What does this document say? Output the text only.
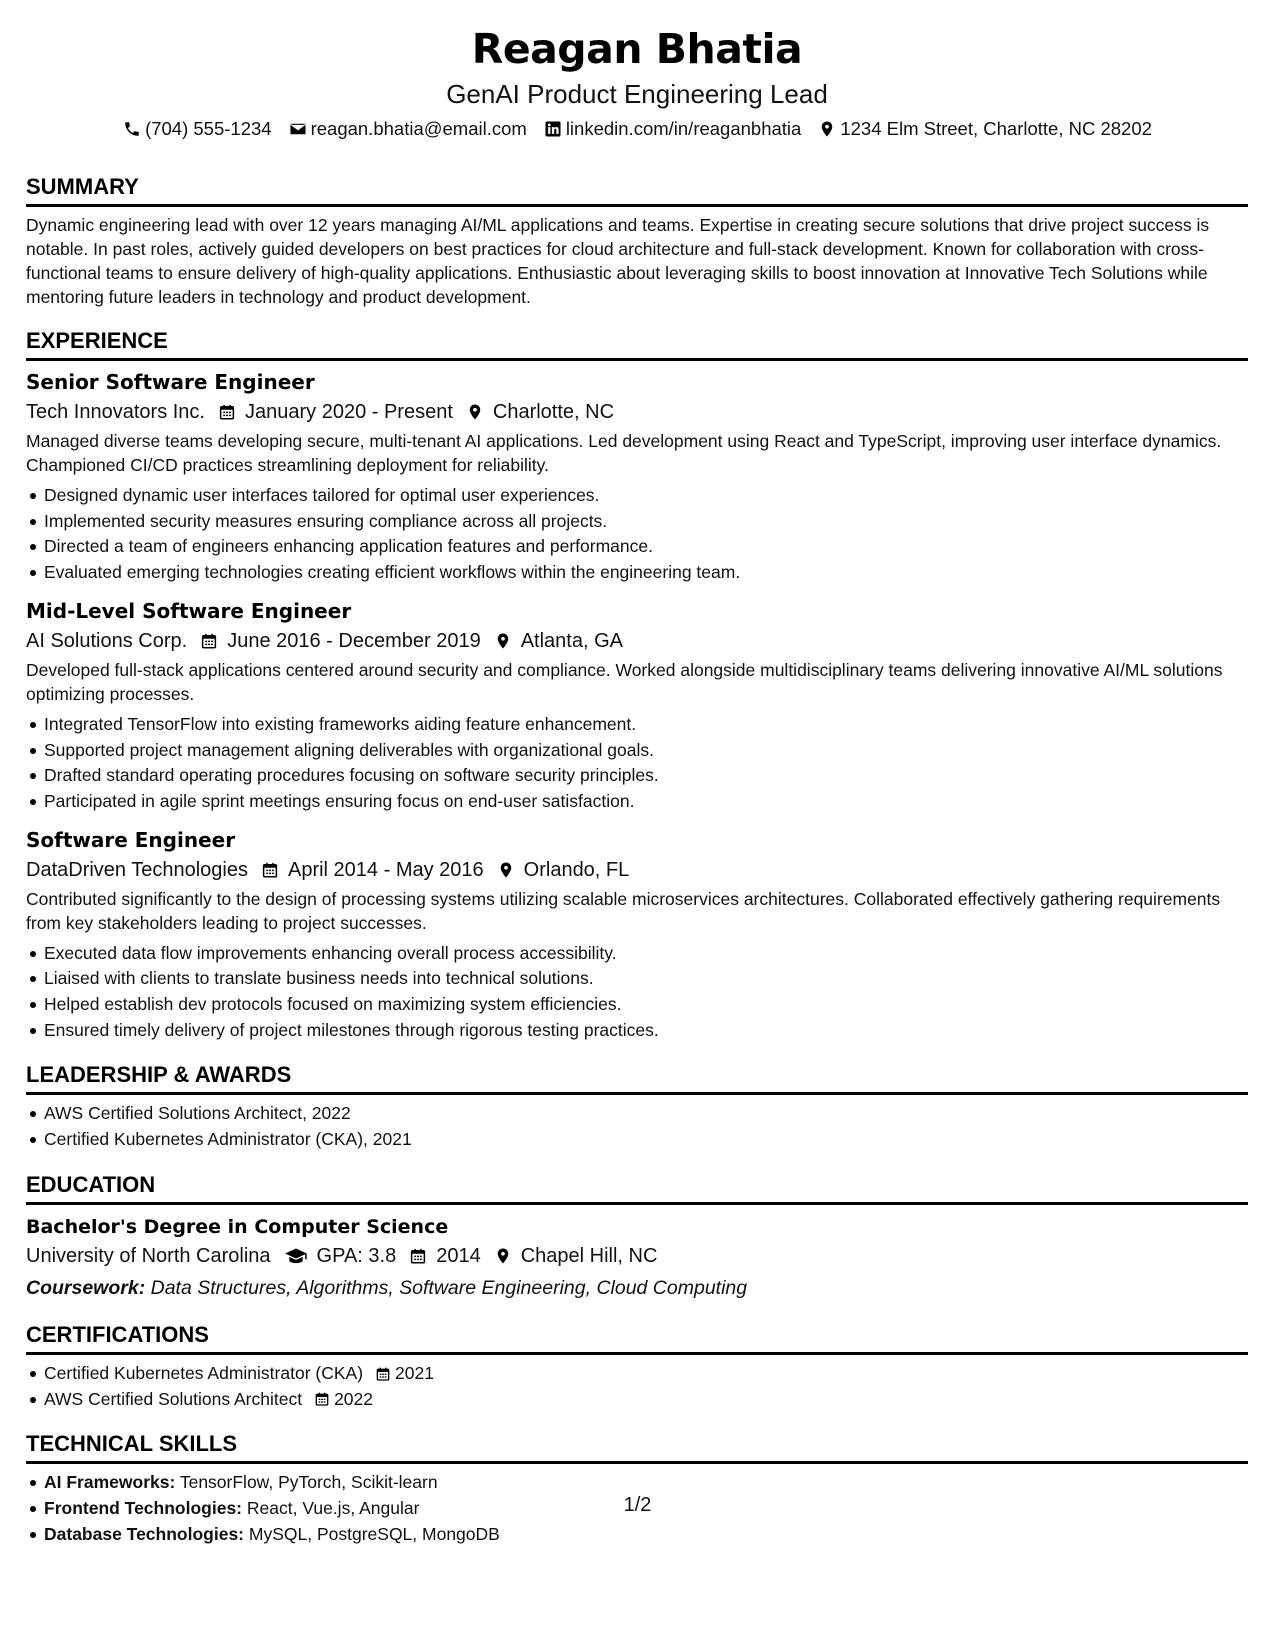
Reagan Bhatia
GenAI Product Engineering Lead
(704) 555-1234 reagan.bhatia@email.com linkedin.com/in/reaganbhatia 1234 Elm Street, Charlotte, NC 28202
SUMMARY
Dynamic engineering lead with over 12 years managing AI/ML applications and teams. Expertise in creating secure solutions that drive project success is notable. In past roles, actively guided developers on best practices for cloud architecture and full-stack development. Known for collaboration with cross-functional teams to ensure delivery of high-quality applications. Enthusiastic about leveraging skills to boost innovation at Innovative Tech Solutions while mentoring future leaders in technology and product development.
EXPERIENCE
Senior Software Engineer
Tech Innovators Inc. January 2020 - Present Charlotte, NC
Managed diverse teams developing secure, multi-tenant AI applications. Led development using React and TypeScript, improving user interface dynamics. Championed CI/CD practices streamlining deployment for reliability.
Designed dynamic user interfaces tailored for optimal user experiences.
Implemented security measures ensuring compliance across all projects.
Directed a team of engineers enhancing application features and performance.
Evaluated emerging technologies creating efficient workflows within the engineering team.
Mid-Level Software Engineer
AI Solutions Corp. June 2016 - December 2019 Atlanta, GA
Developed full-stack applications centered around security and compliance. Worked alongside multidisciplinary teams delivering innovative AI/ML solutions optimizing processes.
Integrated TensorFlow into existing frameworks aiding feature enhancement.
Supported project management aligning deliverables with organizational goals.
Drafted standard operating procedures focusing on software security principles.
Participated in agile sprint meetings ensuring focus on end-user satisfaction.
Software Engineer
DataDriven Technologies April 2014 - May 2016 Orlando, FL
Contributed significantly to the design of processing systems utilizing scalable microservices architectures. Collaborated effectively gathering requirements from key stakeholders leading to project successes.
Executed data flow improvements enhancing overall process accessibility.
Liaised with clients to translate business needs into technical solutions.
Helped establish dev protocols focused on maximizing system efficiencies.
Ensured timely delivery of project milestones through rigorous testing practices.
LEADERSHIP & AWARDS
AWS Certified Solutions Architect, 2022
Certified Kubernetes Administrator (CKA), 2021
EDUCATION
Bachelor's Degree in Computer Science
University of North Carolina GPA: 3.8 2014 Chapel Hill, NC
Coursework: Data Structures, Algorithms, Software Engineering, Cloud Computing
CERTIFICATIONS
Certified Kubernetes Administrator (CKA) 2021
AWS Certified Solutions Architect 2022
TECHNICAL SKILLS
AI Frameworks: TensorFlow, PyTorch, Scikit-learn
Frontend Technologies: React, Vue.js, Angular
Database Technologies: MySQL, PostgreSQL, MongoDB
1/2
